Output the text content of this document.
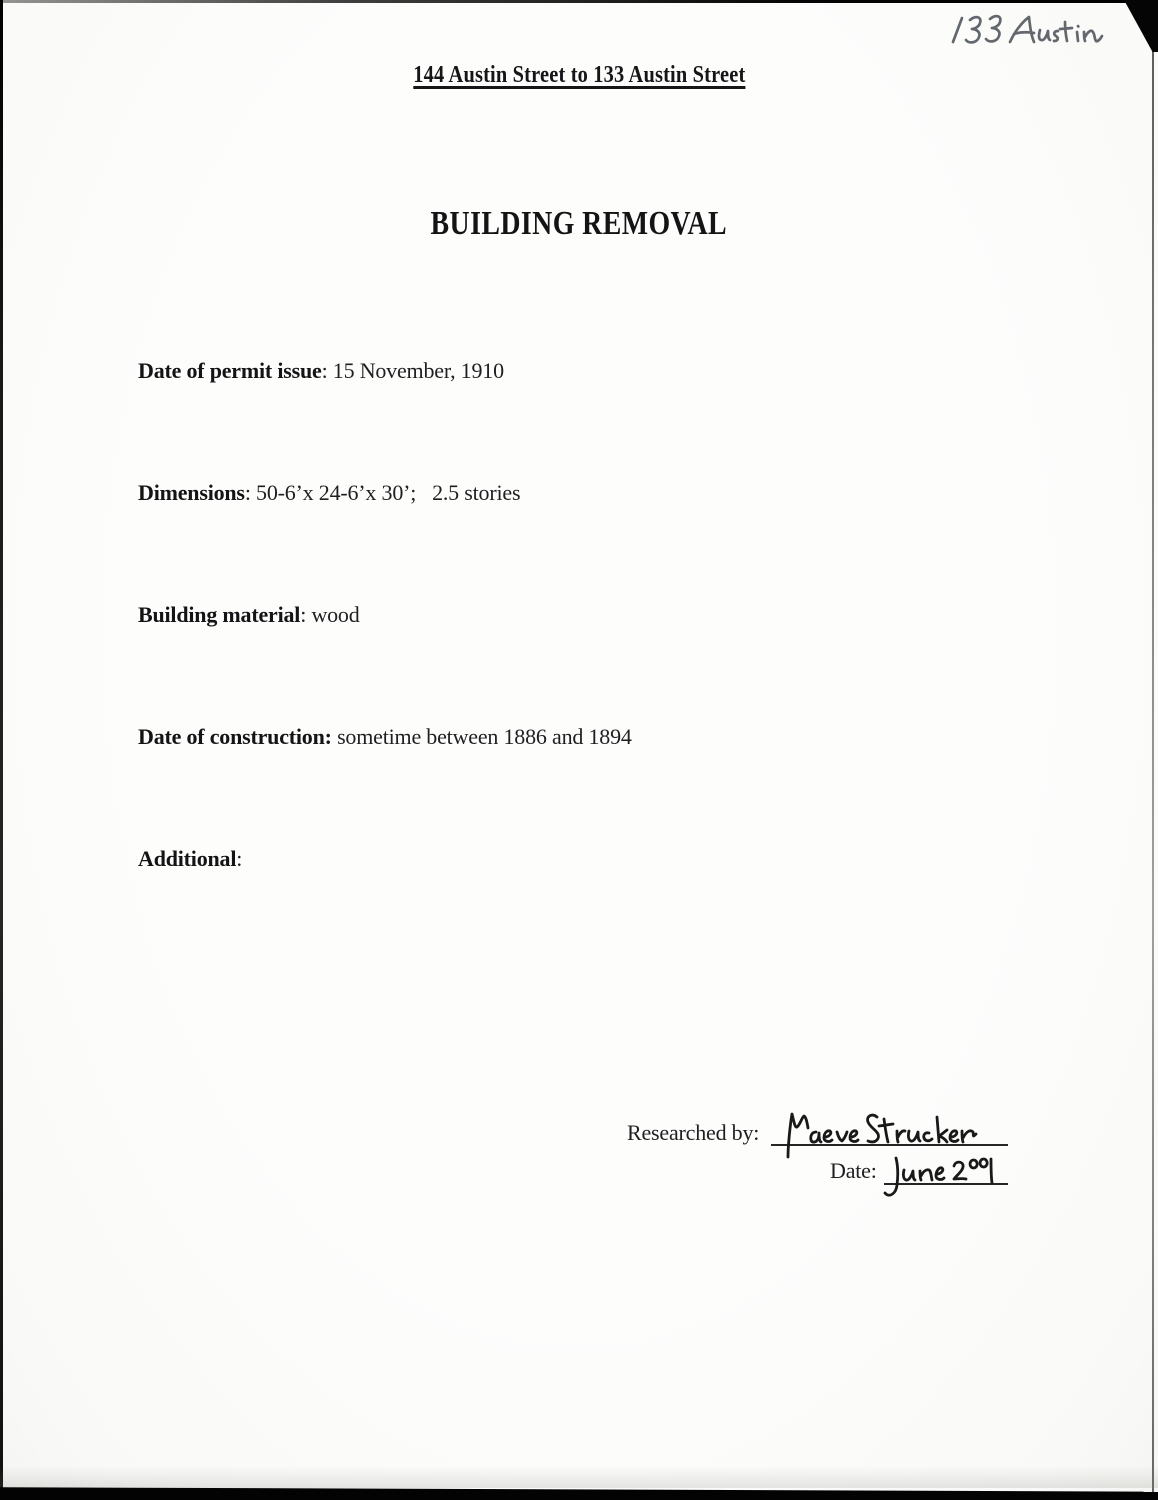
144 Austin Street to 133 Austin Street
BUILDING REMOVAL

Date of permit issue: 15 November, 1910

Dimensions: 50-6’x 24-6’x 30’;   2.5 stories

Building material: wood

Date of construction: sometime between 1886 and 1894

Additional:

Researched by:
Date:
